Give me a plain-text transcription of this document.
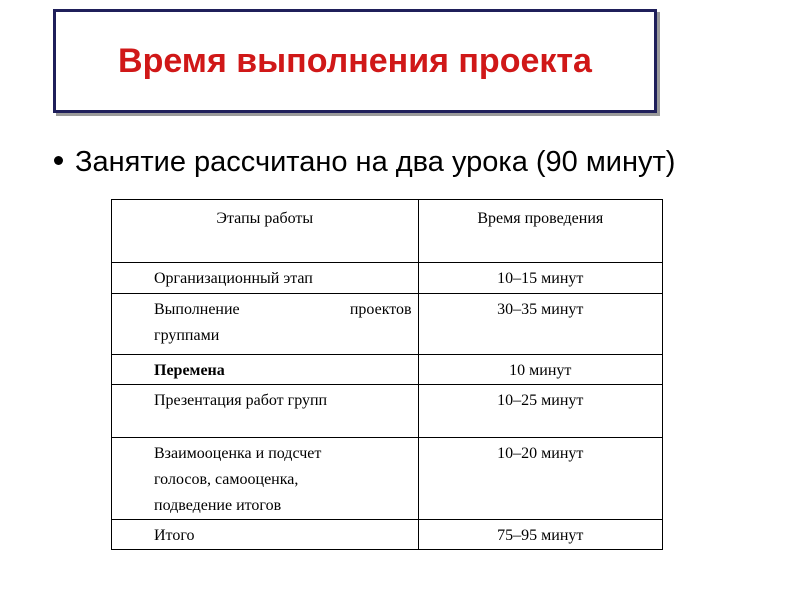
Время выполнения проекта
Занятие рассчитано на два урока (90 минут)
Этапы работы	Время проведения

Организационный этап	10–15 минут

Выполнение проектов
группами	30–35 минут

Перемена	10 минут

Презентация работ групп	10–25 минут

Взаимооценка и подсчет
голосов, самооценка,
подведение итогов	10–20 минут

Итого	75–95 минут
